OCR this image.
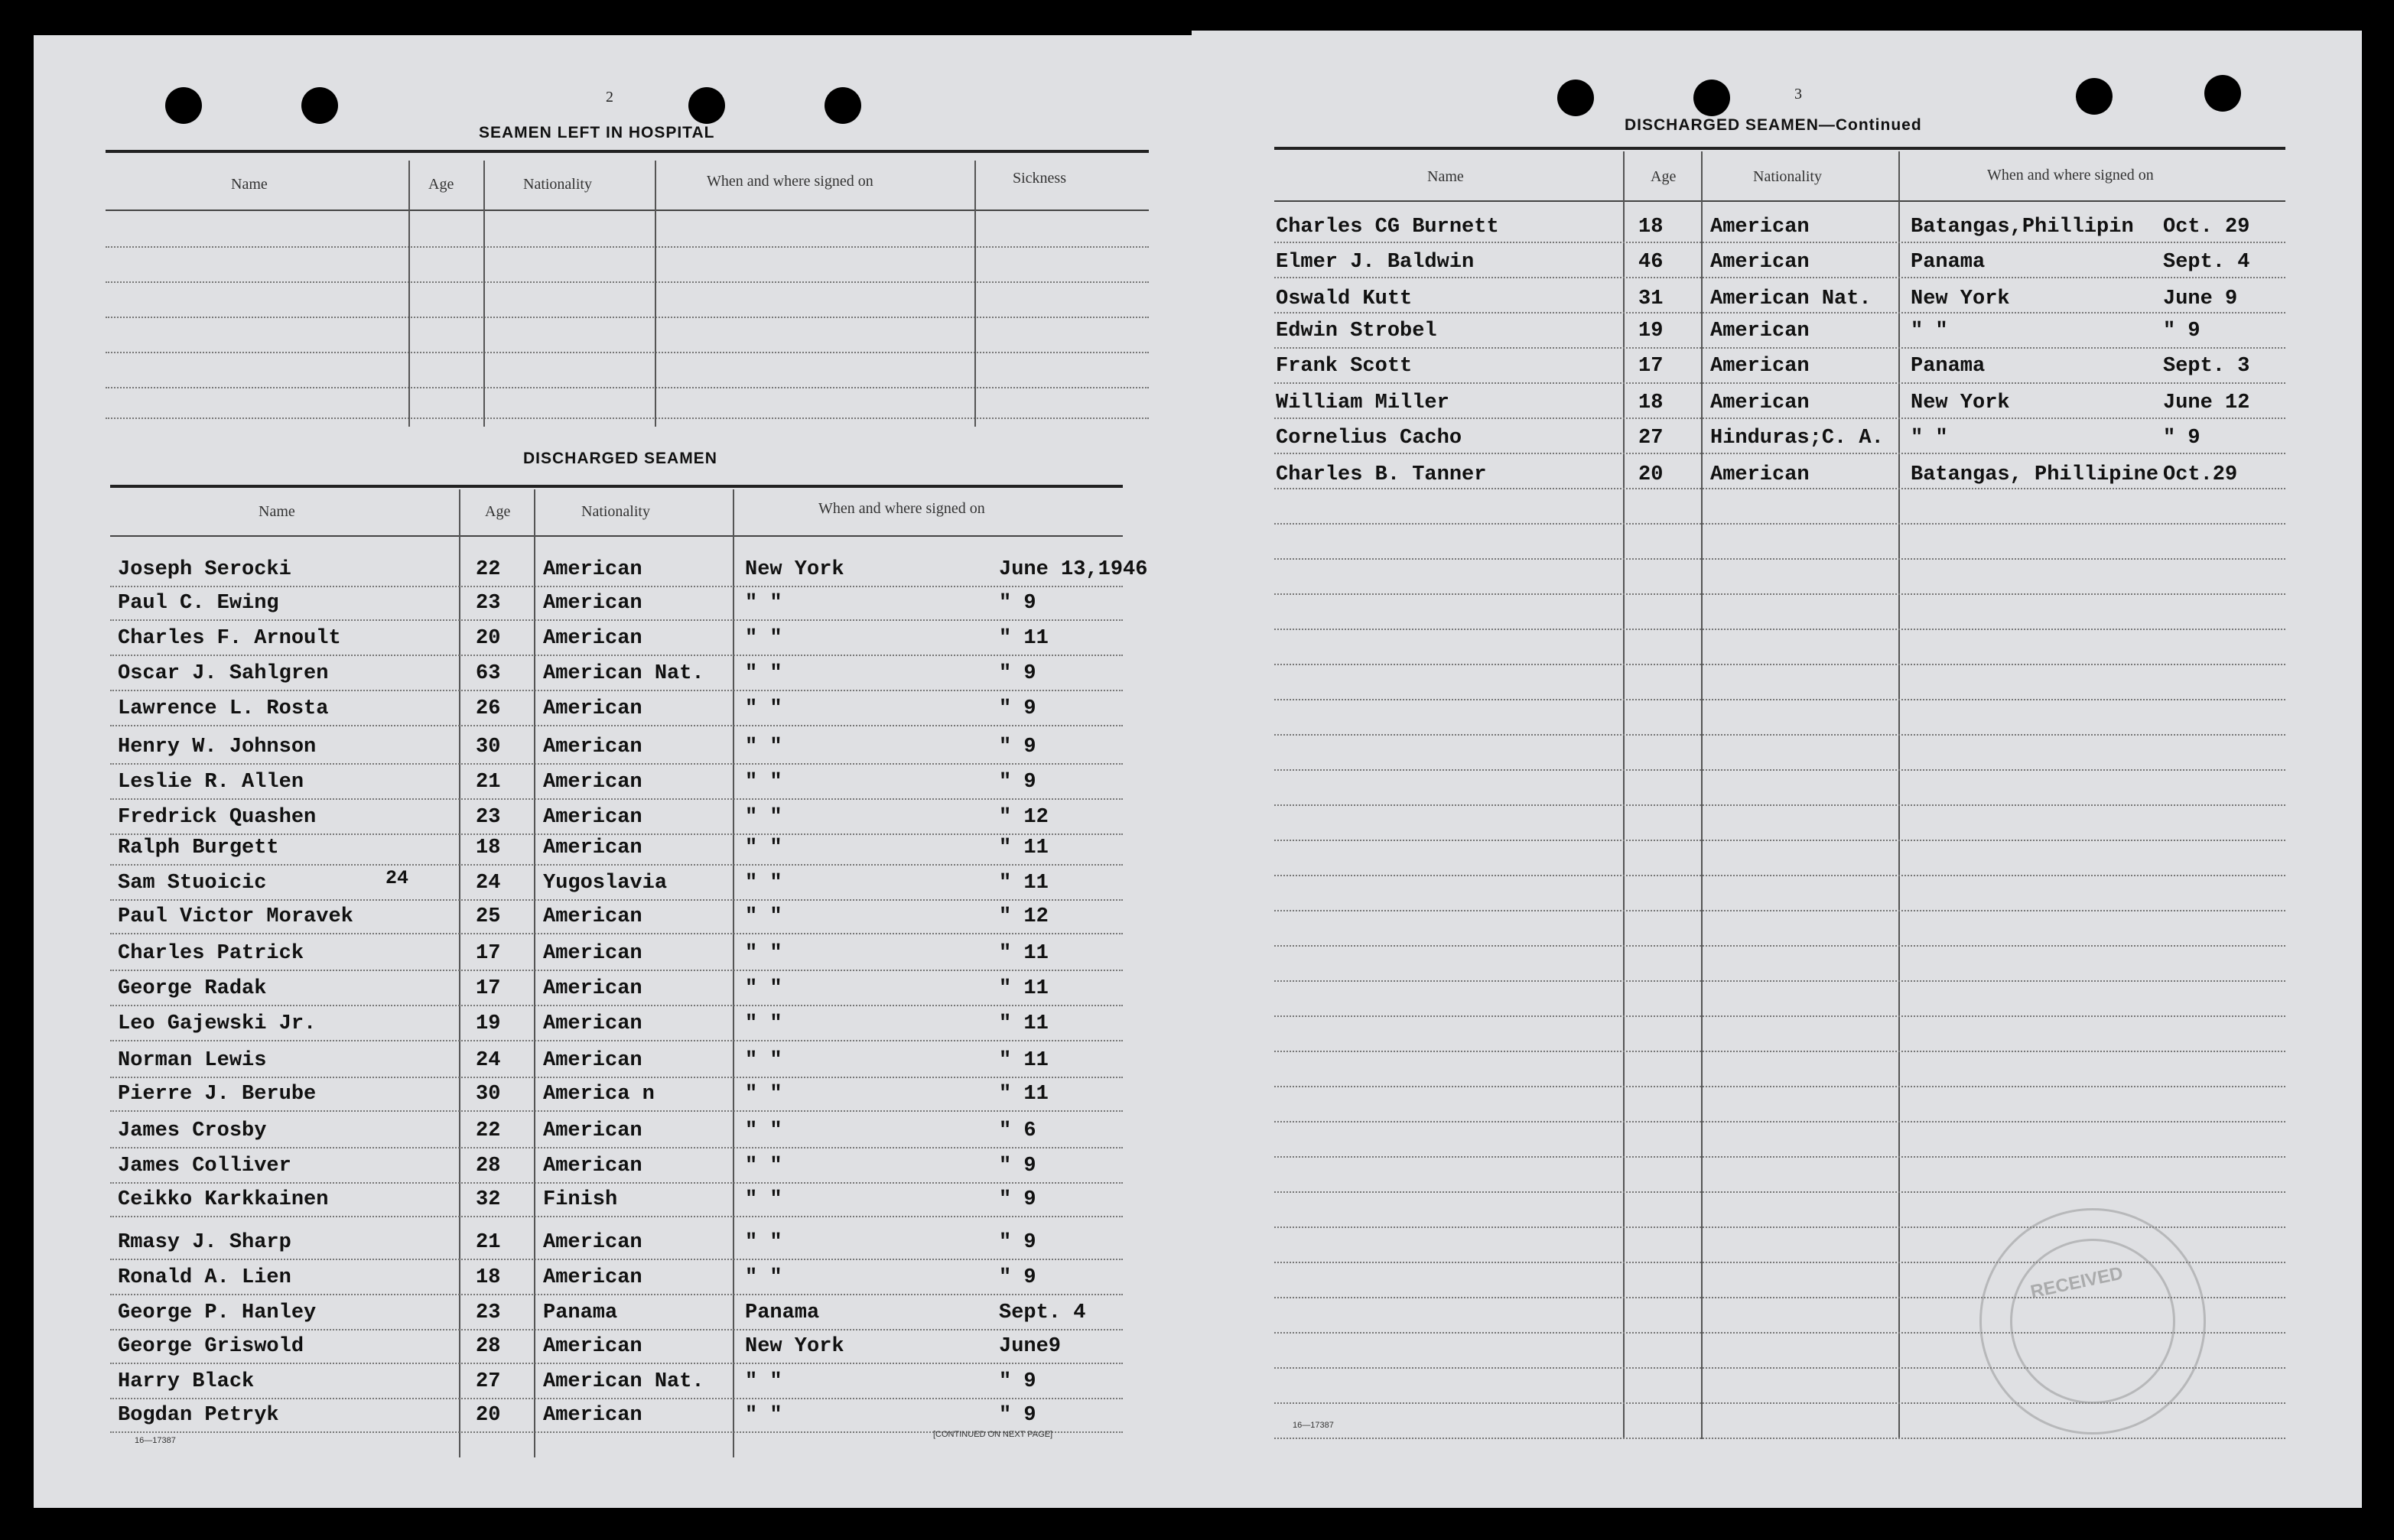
2
SEAMEN LEFT IN HOSPITAL
Name	Age	Nationality	When and where signed on	Sickness
DISCHARGED SEAMEN
Name	Age	Nationality	When and where signed on
Joseph Serocki	22 American	New York	June 13,1946
Paul C. Ewing	23 American	" "	" 9
Charles F. Arnoult	20 American	" "	" 11
Oscar J. Sahlgren	63 American Nat. " "	" 9
Lawrence L. Rosta	26 American	" "	" 9
Henry W. Johnson	30 American	" "	" 9
Leslie R. Allen	21 American	" "	" 9
Fredrick Quashen	23 American	" "	" 12
Ralph Burgett	18 American	" "	" 11
Sam Stuoicic	24 Yugoslavia	" "	" 11
Paul Victor Moravek	25 American	" "	" 12
Charles Patrick	17 American	" "	" 11
George Radak	17 American	" "	" 11
Leo Gajewski Jr.	19 American	" "	" 11
Norman Lewis	24 American	" "	" 11
Pierre J. Berube	30 America n	" "	" 11
James Crosby	22 American	" "	" 6
James Colliver	28 American	" "	" 9
Ceikko Karkkainen	32 Finish	" "	" 9
Rmasy J. Sharp	21 American	" "	" 9
Ronald A. Lien	18 American	" "	" 9
George P. Hanley	23 Panama	Panama	Sept. 4
George Griswold	28 American	New York	June9
Harry Black	27 American Nat. " "	" 9
Bogdan Petryk	20 American	" "	" 9
24
16—17387
[CONTINUED ON NEXT PAGE]
3
DISCHARGED SEAMEN—Continued
Name	Age	Nationality	When and where signed on
Charles CG Burnett	18 American	Batangas,Phillipin Oct. 29
Elmer J. Baldwin	46 American	Panama	Sept. 4
Oswald Kutt	31 American Nat. New York	June 9
Edwin Strobel	19 American	" "	" 9
Frank Scott	17 American	Panama	Sept. 3
William Miller	18 American	New York	June 12
Cornelius Cacho	27 Hinduras;C. A. " "	" 9
Charles B. Tanner	20 American	Batangas, Phillipine Oct.29
16—17387
RECEIVED
